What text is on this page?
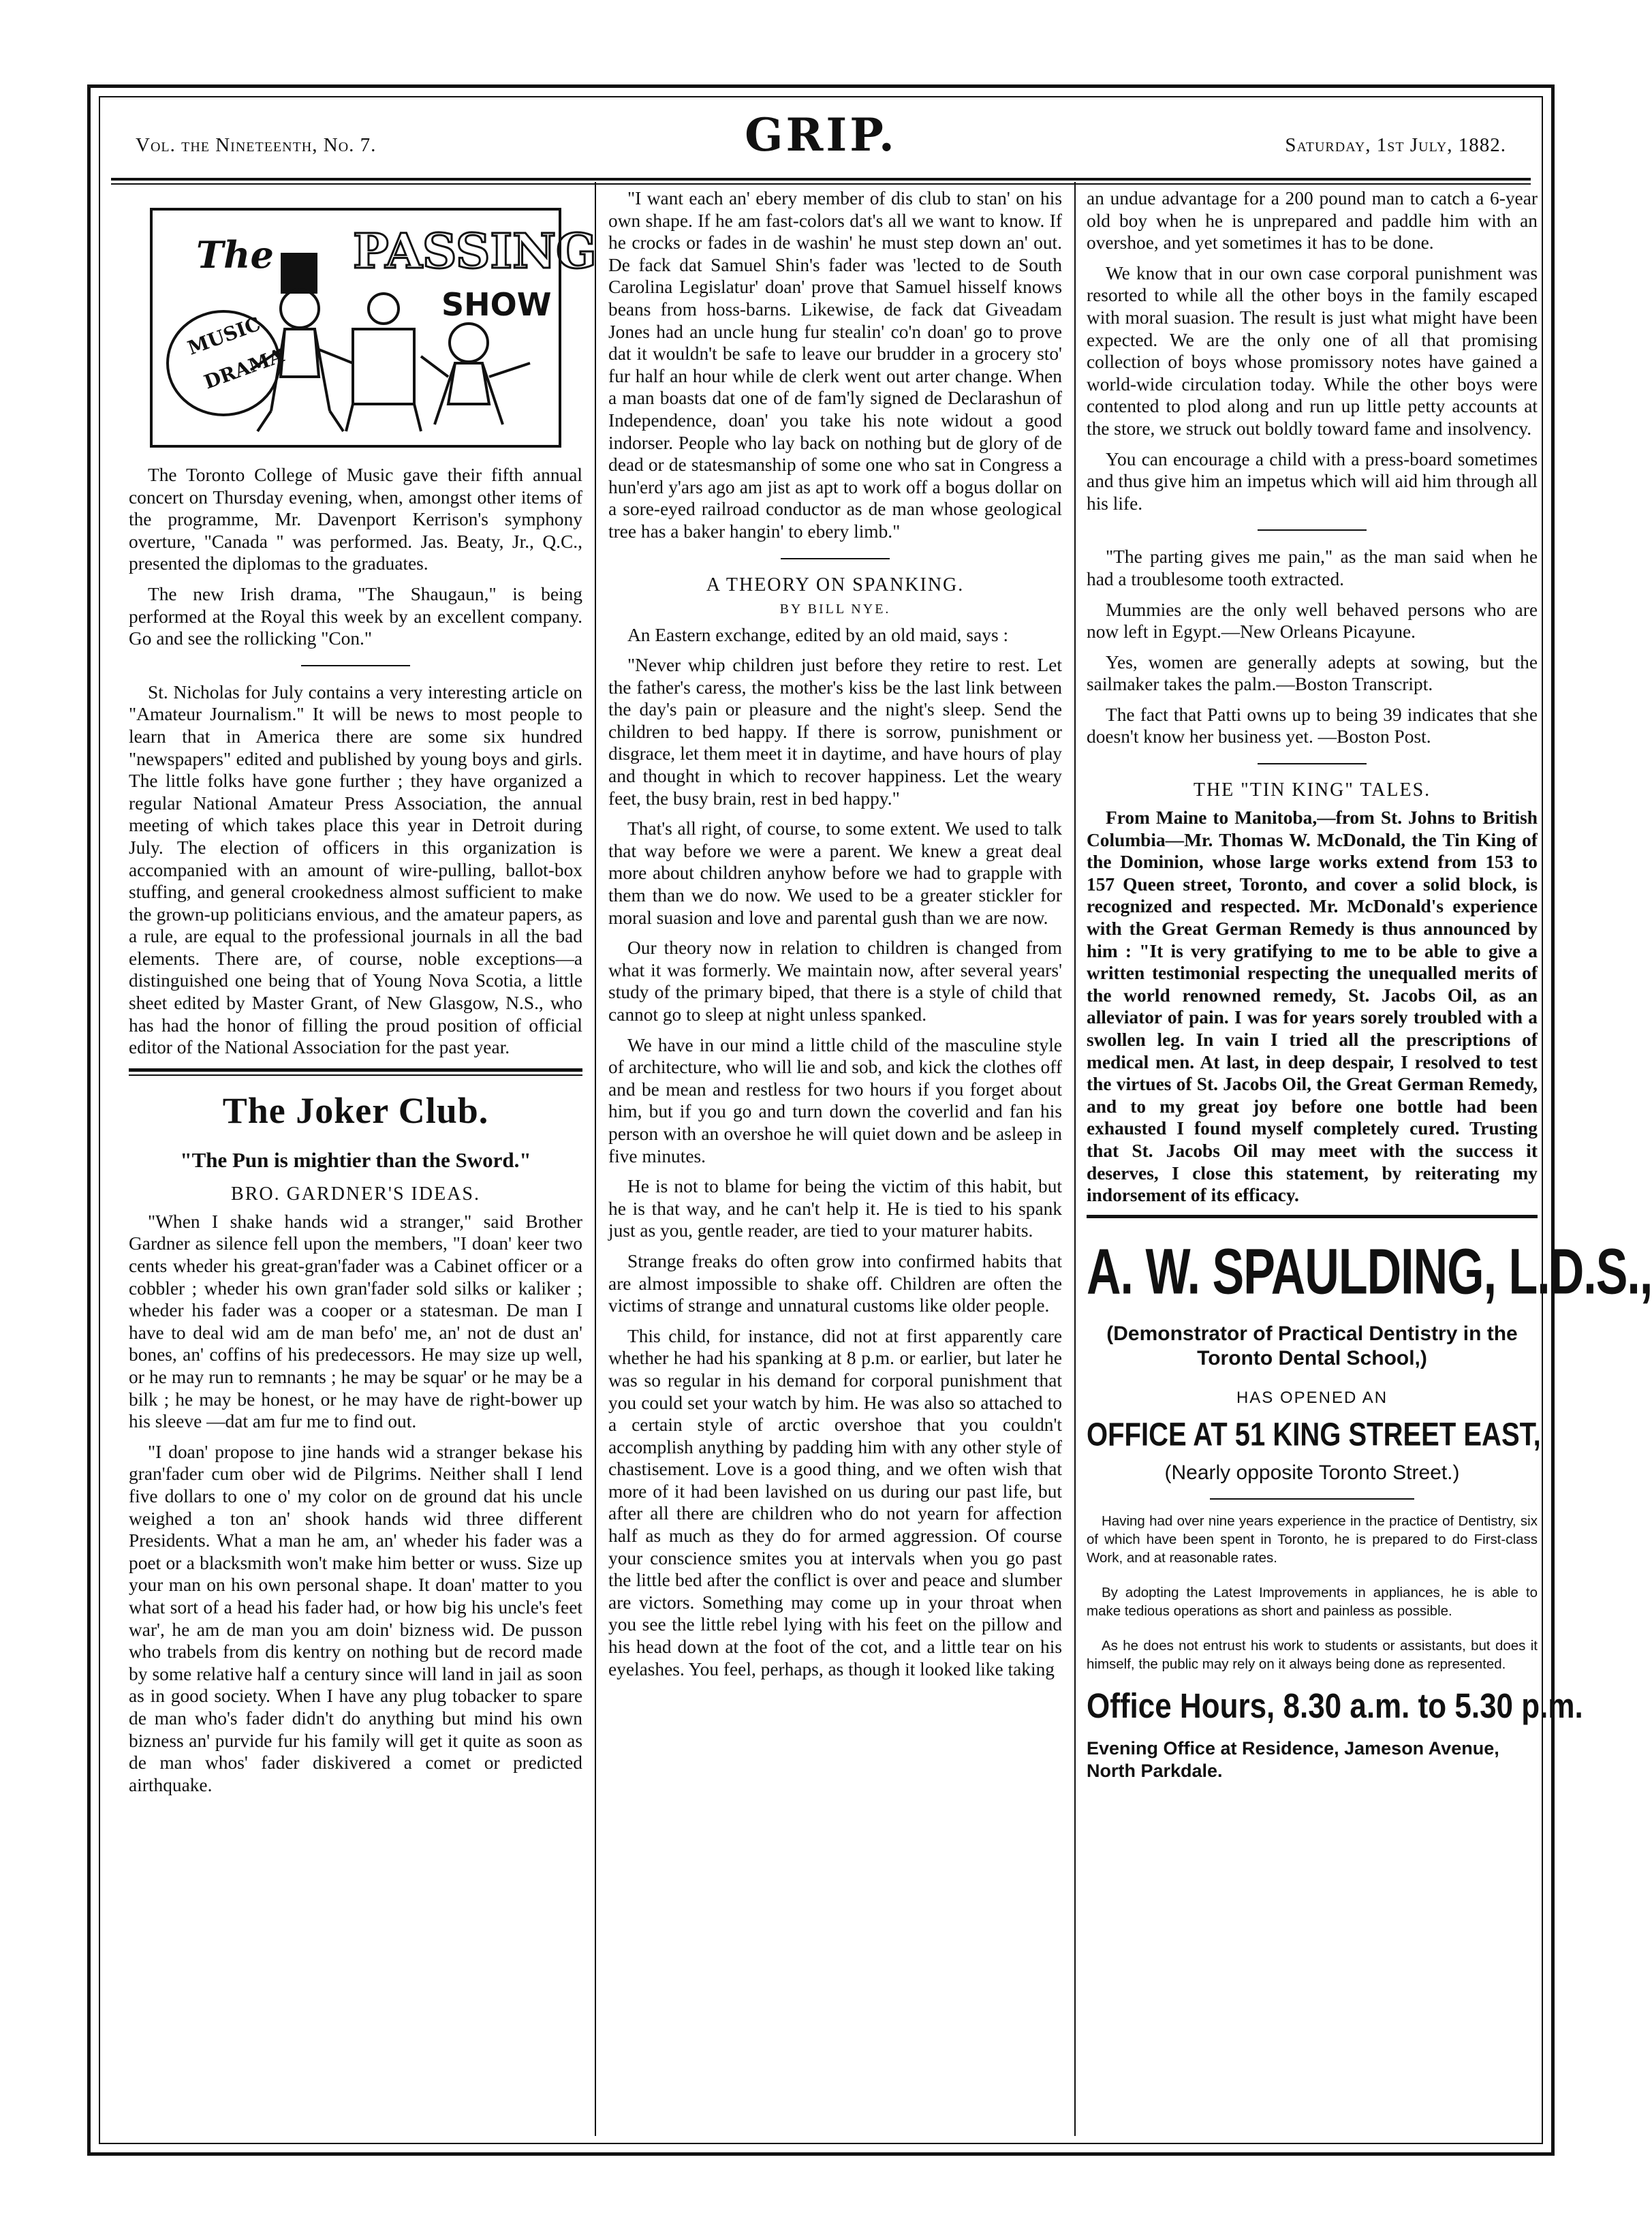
Vol. the Nineteenth, No. 7.	GRIP.	Saturday, 1st July, 1882.
The PASSING
SHOW
MUSIC
DRAMA

The Toronto College of Music gave their fifth annual concert on Thursday evening, when, amongst other items of the programme, Mr. Davenport Kerrison's symphony overture, "Canada " was performed. Jas. Beaty, Jr., Q.C., presented the diplomas to the graduates.

The new Irish drama, "The Shaugaun," is being performed at the Royal this week by an excellent company. Go and see the rollicking "Con."

St. Nicholas for July contains a very interesting article on "Amateur Journalism." It will be news to most people to learn that in America there are some six hundred "newspapers" edited and published by young boys and girls. The little folks have gone further ; they have organized a regular National Amateur Press Association, the annual meeting of which takes place this year in Detroit during July. The election of officers in this organization is accompanied with an amount of wire-pulling, ballot-box stuffing, and general crookedness almost sufficient to make the grown-up politicians envious, and the amateur papers, as a rule, are equal to the professional journals in all the bad elements. There are, of course, noble exceptions—a distinguished one being that of Young Nova Scotia, a little sheet edited by Master Grant, of New Glasgow, N.S., who has had the honor of filling the proud position of official editor of the National Association for the past year.

The Joker Club.
"The Pun is mightier than the Sword."
BRO. GARDNER'S IDEAS.

"When I shake hands wid a stranger," said Brother Gardner as silence fell upon the members, "I doan' keer two cents wheder his great-gran'fader was a Cabinet officer or a cobbler ; wheder his own gran'fader sold silks or kaliker ; wheder his fader was a cooper or a statesman. De man I have to deal wid am de man befo' me, an' not de dust an' bones, an' coffins of his predecessors. He may size up well, or he may run to remnants ; he may be squar' or he may be a bilk ; he may be honest, or he may have de right-bower up his sleeve —dat am fur me to find out.

"I doan' propose to jine hands wid a stranger bekase his gran'fader cum ober wid de Pilgrims. Neither shall I lend five dollars to one o' my color on de ground dat his uncle weighed a ton an' shook hands wid three different Presidents. What a man he am, an' wheder his fader was a poet or a blacksmith won't make him better or wuss. Size up your man on his own personal shape. It doan' matter to you what sort of a head his fader had, or how big his uncle's feet war', he am de man you am doin' bizness wid. De pusson who trabels from dis kentry on nothing but de record made by some relative half a century since will land in jail as soon as in good society. When I have any plug tobacker to spare de man who's fader didn't do anything but mind his own bizness an' purvide fur his family will get it quite as soon as de man whos' fader diskivered a comet or predicted airthquake.

"I want each an' ebery member of dis club to stan' on his own shape. If he am fast-colors dat's all we want to know. If he crocks or fades in de washin' he must step down an' out. De fack dat Samuel Shin's fader was 'lected to de South Carolina Legislatur' doan' prove that Samuel hisself knows beans from hoss-barns. Likewise, de fack dat Giveadam Jones had an uncle hung fur stealin' co'n doan' go to prove dat it wouldn't be safe to leave our brudder in a grocery sto' fur half an hour while de clerk went out arter change. When a man boasts dat one of de fam'ly signed de Declarashun of Independence, doan' you take his note widout a good indorser. People who lay back on nothing but de glory of de dead or de statesmanship of some one who sat in Congress a hun'erd y'ars ago am jist as apt to work off a bogus dollar on a sore-eyed railroad conductor as de man whose geological tree has a baker hangin' to ebery limb."

A THEORY ON SPANKING.
BY BILL NYE.

An Eastern exchange, edited by an old maid, says :

"Never whip children just before they retire to rest. Let the father's caress, the mother's kiss be the last link between the day's pain or pleasure and the night's sleep. Send the children to bed happy. If there is sorrow, punishment or disgrace, let them meet it in daytime, and have hours of play and thought in which to recover happiness. Let the weary feet, the busy brain, rest in bed happy."

That's all right, of course, to some extent. We used to talk that way before we were a parent. We knew a great deal more about children anyhow before we had to grapple with them than we do now. We used to be a greater stickler for moral suasion and love and parental gush than we are now.

Our theory now in relation to children is changed from what it was formerly. We maintain now, after several years' study of the primary biped, that there is a style of child that cannot go to sleep at night unless spanked.

We have in our mind a little child of the masculine style of architecture, who will lie and sob, and kick the clothes off and be mean and restless for two hours if you forget about him, but if you go and turn down the coverlid and fan his person with an overshoe he will quiet down and be asleep in five minutes.

He is not to blame for being the victim of this habit, but he is that way, and he can't help it. He is tied to his spank just as you, gentle reader, are tied to your maturer habits.

Strange freaks do often grow into confirmed habits that are almost impossible to shake off. Children are often the victims of strange and unnatural customs like older people.

This child, for instance, did not at first apparently care whether he had his spanking at 8 p.m. or earlier, but later he was so regular in his demand for corporal punishment that you could set your watch by him. He was also so attached to a certain style of arctic overshoe that you couldn't accomplish anything by padding him with any other style of chastisement. Love is a good thing, and we often wish that more of it had been lavished on us during our past life, but after all there are children who do not yearn for affection half as much as they do for armed aggression. Of course your conscience smites you at intervals when you go past the little bed after the conflict is over and peace and slumber are victors. Something may come up in your throat when you see the little rebel lying with his feet on the pillow and his head down at the foot of the cot, and a little tear on his eyelashes. You feel, perhaps, as though it looked like taking

an undue advantage for a 200 pound man to catch a 6-year old boy when he is unprepared and paddle him with an overshoe, and yet sometimes it has to be done.

We know that in our own case corporal punishment was resorted to while all the other boys in the family escaped with moral suasion. The result is just what might have been expected. We are the only one of all that promising collection of boys whose promissory notes have gained a world-wide circulation today. While the other boys were contented to plod along and run up little petty accounts at the store, we struck out boldly toward fame and insolvency.

You can encourage a child with a press-board sometimes and thus give him an impetus which will aid him through all his life.

"The parting gives me pain," as the man said when he had a troublesome tooth extracted.

Mummies are the only well behaved persons who are now left in Egypt.—New Orleans Picayune.

Yes, women are generally adepts at sowing, but the sailmaker takes the palm.—Boston Transcript.

The fact that Patti owns up to being 39 indicates that she doesn't know her business yet. —Boston Post.

THE "TIN KING" TALES.

From Maine to Manitoba,—from St. Johns to British Columbia—Mr. Thomas W. McDonald, the Tin King of the Dominion, whose large works extend from 153 to 157 Queen street, Toronto, and cover a solid block, is recognized and respected. Mr. McDonald's experience with the Great German Remedy is thus announced by him : "It is very gratifying to me to be able to give a written testimonial respecting the unequalled merits of the world renowned remedy, St. Jacobs Oil, as an alleviator of pain. I was for years sorely troubled with a swollen leg. In vain I tried all the prescriptions of medical men. At last, in deep despair, I resolved to test the virtues of St. Jacobs Oil, the Great German Remedy, and to my great joy before one bottle had been exhausted I found myself completely cured. Trusting that St. Jacobs Oil may meet with the success it deserves, I close this statement, by reiterating my indorsement of its efficacy.

A. W. SPAULDING, L.D.S.,
(Demonstrator of Practical Dentistry in the Toronto Dental School,)
HAS OPENED AN
OFFICE AT 51 KING STREET EAST,
(Nearly opposite Toronto Street.)

Having had over nine years experience in the practice of Dentistry, six of which have been spent in Toronto, he is prepared to do First-class Work, and at reasonable rates.

By adopting the Latest Improvements in appliances, he is able to make tedious operations as short and painless as possible.

As he does not entrust his work to students or assistants, but does it himself, the public may rely on it always being done as represented.

Office Hours, 8.30 a.m. to 5.30 p.m.
Evening Office at Residence, Jameson Avenue, North Parkdale.
